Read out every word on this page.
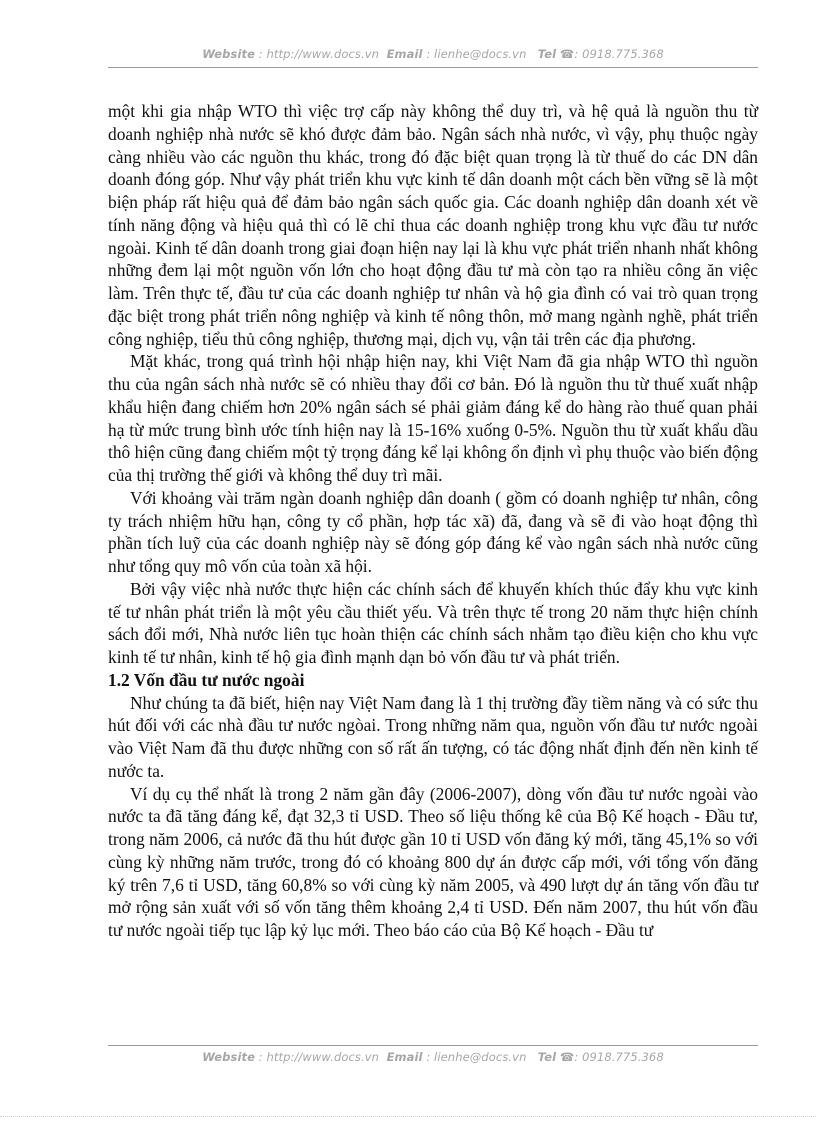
Website : http://www.docs.vn Email : lienhe@docs.vn Tel ☎: 0918.775.368

một khi gia nhập WTO thì việc trợ cấp này không thể duy trì, và hệ quả là nguồn thu từ doanh nghiệp nhà nước sẽ khó được đảm bảo. Ngân sách nhà nước, vì vậy, phụ thuộc ngày càng nhiều vào các nguồn thu khác, trong đó đặc biệt quan trọng là từ thuế do các DN dân doanh đóng góp. Như vậy phát triển khu vực kinh tế dân doanh một cách bền vững sẽ là một biện pháp rất hiệu quả để đảm bảo ngân sách quốc gia. Các doanh nghiệp dân doanh xét về tính năng động và hiệu quả thì có lẽ chỉ thua các doanh nghiệp trong khu vực đầu tư nước ngoài. Kinh tế dân doanh trong giai đoạn hiện nay lại là khu vực phát triển nhanh nhất không những đem lại một nguồn vốn lớn cho hoạt động đầu tư mà còn tạo ra nhiều công ăn việc làm. Trên thực tế, đầu tư của các doanh nghiệp tư nhân và hộ gia đình có vai trò quan trọng đặc biệt trong phát triển nông nghiệp và kinh tế nông thôn, mở mang ngành nghề, phát triển công nghiệp, tiểu thủ công nghiệp, thương mại, dịch vụ, vận tải trên các địa phương.

Mặt khác, trong quá trình hội nhập hiện nay, khi Việt Nam đã gia nhập WTO thì nguồn thu của ngân sách nhà nước sẽ có nhiều thay đổi cơ bản. Đó là nguồn thu từ thuế xuất nhập khẩu hiện đang chiếm hơn 20% ngân sách sé phải giảm đáng kể do hàng rào thuế quan phải hạ từ mức trung bình ước tính hiện nay là 15-16% xuống 0-5%. Nguồn thu từ xuất khẩu dầu thô hiện cũng đang chiếm một tỷ trọng đáng kể lại không ổn định vì phụ thuộc vào biến động của thị trường thế giới và không thể duy trì mãi.

Với khoảng vài trăm ngàn doanh nghiệp dân doanh ( gồm có doanh nghiệp tư nhân, công ty trách nhiệm hữu hạn, công ty cổ phần, hợp tác xã) đã, đang và sẽ đi vào hoạt động thì phần tích luỹ của các doanh nghiệp này sẽ đóng góp đáng kể vào ngân sách nhà nước cũng như tổng quy mô vốn của toàn xã hội.

Bởi vậy việc nhà nước thực hiện các chính sách để khuyến khích thúc đẩy khu vực kinh tế tư nhân phát triển là một yêu cầu thiết yếu. Và trên thực tế trong 20 năm thực hiện chính sách đổi mới, Nhà nước liên tục hoàn thiện các chính sách nhằm tạo điều kiện cho khu vực kinh tế tư nhân, kinh tế hộ gia đình mạnh dạn bỏ vốn đầu tư và phát triển.

1.2 Vốn đầu tư nước ngoài

Như chúng ta đã biết, hiện nay Việt Nam đang là 1 thị trường đầy tiềm năng và có sức thu hút đối với các nhà đầu tư nước ngòai. Trong những năm qua, nguồn vốn đầu tư nước ngoài vào Việt Nam đã thu được những con số rất ấn tượng, có tác động nhất định đến nền kinh tế nước ta.

Ví dụ cụ thể nhất là trong 2 năm gần đây (2006-2007), dòng vốn đầu tư nước ngoài vào nước ta đã tăng đáng kể, đạt 32,3 tỉ USD. Theo số liệu thống kê của Bộ Kế hoạch - Đầu tư, trong năm 2006, cả nước đã thu hút được gần 10 tỉ USD vốn đăng ký mới, tăng 45,1% so với cùng kỳ những năm trước, trong đó có khoảng 800 dự án được cấp mới, với tổng vốn đăng ký trên 7,6 tỉ USD, tăng 60,8% so với cùng kỳ năm 2005, và 490 lượt dự án tăng vốn đầu tư mở rộng sản xuất với số vốn tăng thêm khoảng 2,4 tỉ USD. Đến năm 2007, thu hút vốn đầu tư nước ngoài tiếp tục lập kỷ lục mới. Theo báo cáo của Bộ Kế hoạch - Đầu tư

Website : http://www.docs.vn Email : lienhe@docs.vn Tel ☎: 0918.775.368
